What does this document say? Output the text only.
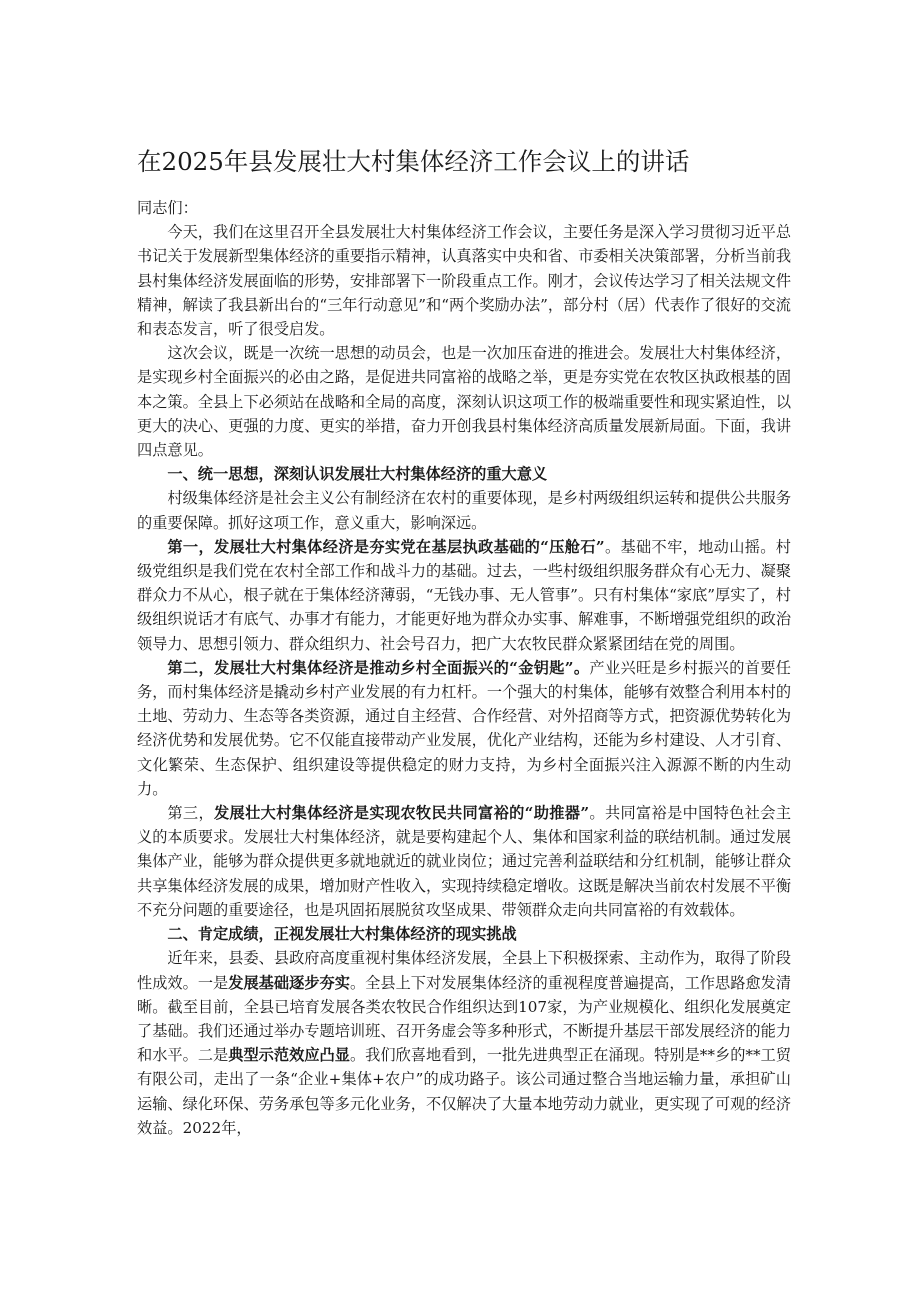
在2025年县发展壮大村集体经济工作会议上的讲话

同志们：

今天，我们在这里召开全县发展壮大村集体经济工作会议，主要任务是深入学习贯彻习近平总书记关于发展新型集体经济的重要指示精神，认真落实中央和省、市委相关决策部署，分析当前我县村集体经济发展面临的形势，安排部署下一阶段重点工作。刚才，会议传达学习了相关法规文件精神，解读了我县新出台的“三年行动意见”和“两个奖励办法”，部分村（居）代表作了很好的交流和表态发言，听了很受启发。

这次会议，既是一次统一思想的动员会，也是一次加压奋进的推进会。发展壮大村集体经济，是实现乡村全面振兴的必由之路，是促进共同富裕的战略之举，更是夯实党在农牧区执政根基的固本之策。全县上下必须站在战略和全局的高度，深刻认识这项工作的极端重要性和现实紧迫性，以更大的决心、更强的力度、更实的举措，奋力开创我县村集体经济高质量发展新局面。下面，我讲四点意见。

一、统一思想，深刻认识发展壮大村集体经济的重大意义

村级集体经济是社会主义公有制经济在农村的重要体现，是乡村两级组织运转和提供公共服务的重要保障。抓好这项工作，意义重大，影响深远。

第一，发展壮大村集体经济是夯实党在基层执政基础的“压舱石”。基础不牢，地动山摇。村级党组织是我们党在农村全部工作和战斗力的基础。过去，一些村级组织服务群众有心无力、凝聚群众力不从心，根子就在于集体经济薄弱，“无钱办事、无人管事”。只有村集体“家底”厚实了，村级组织说话才有底气、办事才有能力，才能更好地为群众办实事、解难事，不断增强党组织的政治领导力、思想引领力、群众组织力、社会号召力，把广大农牧民群众紧紧团结在党的周围。

第二，发展壮大村集体经济是推动乡村全面振兴的“金钥匙”。产业兴旺是乡村振兴的首要任务，而村集体经济是撬动乡村产业发展的有力杠杆。一个强大的村集体，能够有效整合利用本村的土地、劳动力、生态等各类资源，通过自主经营、合作经营、对外招商等方式，把资源优势转化为经济优势和发展优势。它不仅能直接带动产业发展，优化产业结构，还能为乡村建设、人才引育、文化繁荣、生态保护、组织建设等提供稳定的财力支持，为乡村全面振兴注入源源不断的内生动力。

第三，发展壮大村集体经济是实现农牧民共同富裕的“助推器”。共同富裕是中国特色社会主义的本质要求。发展壮大村集体经济，就是要构建起个人、集体和国家利益的联结机制。通过发展集体产业，能够为群众提供更多就地就近的就业岗位；通过完善利益联结和分红机制，能够让群众共享集体经济发展的成果，增加财产性收入，实现持续稳定增收。这既是解决当前农村发展不平衡不充分问题的重要途径，也是巩固拓展脱贫攻坚成果、带领群众走向共同富裕的有效载体。

二、肯定成绩，正视发展壮大村集体经济的现实挑战

近年来，县委、县政府高度重视村集体经济发展，全县上下积极探索、主动作为，取得了阶段性成效。一是发展基础逐步夯实。全县上下对发展集体经济的重视程度普遍提高，工作思路愈发清晰。截至目前，全县已培育发展各类农牧民合作组织达到107家，为产业规模化、组织化发展奠定了基础。我们还通过举办专题培训班、召开务虚会等多种形式，不断提升基层干部发展经济的能力和水平。二是典型示范效应凸显。我们欣喜地看到，一批先进典型正在涌现。特别是**乡的**工贸有限公司，走出了一条“企业+集体+农户”的成功路子。该公司通过整合当地运输力量，承担矿山运输、绿化环保、劳务承包等多元化业务，不仅解决了大量本地劳动力就业，更实现了可观的经济效益。2022年，
